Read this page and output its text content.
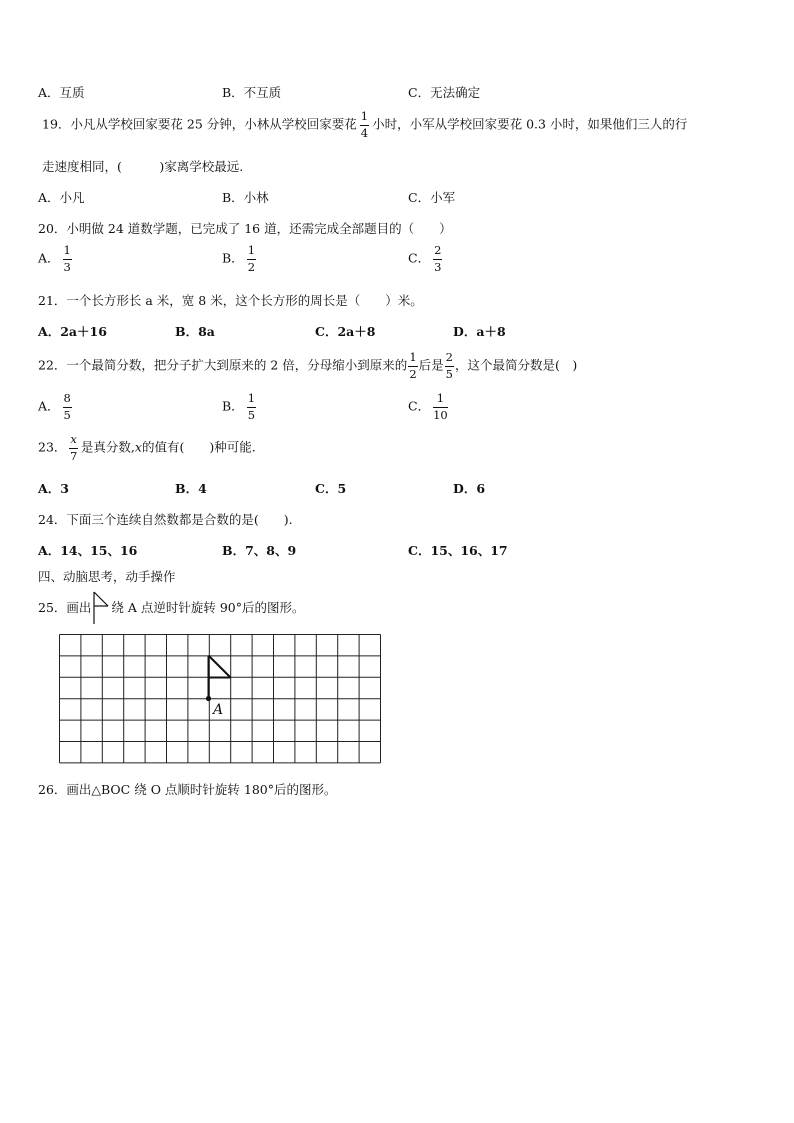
A．互质	B．不互质	C．无法确定
19．小凡从学校回家要花 25 分钟，小林从学校回家要花 $\frac{1}{4}$ 小时，小军从学校回家要花 0.3 小时，如果他们三人的行
走速度相同，(　　　)家离学校最远.
A．小凡	B．小林	C．小军
20．小明做 24 道数学题，已完成了 16 道，还需完成全部题目的（　　）
A． $\frac{1}{3}$	B． $\frac{1}{2}$	C． $\frac{2}{3}$
21．一个长方形长 a 米，宽 8 米，这个长方形的周长是（　　）米。
A．2a＋16	B．8a	C．2a＋8	D．a＋8
22．一个最简分数，把分子扩大到原来的 2 倍，分母缩小到原来的 $\frac{1}{2}$ 后是 $\frac{2}{5}$ ，这个最简分数是(　)
A． $\frac{8}{5}$	B． $\frac{1}{5}$	C． $\frac{1}{10}$
23． $\frac{x}{7}$ 是真分数,x的值有(　　)种可能.
A．3	B．4	C．5	D．6
24．下面三个连续自然数都是合数的是(　　).
A．14、15、16	B．7、8、9	C．15、16、17
四、动脑思考，动手操作
25．画出 绕 A 点逆时针旋转 90°后的图形。
A
26．画出△BOC 绕 O 点顺时针旋转 180°后的图形。
